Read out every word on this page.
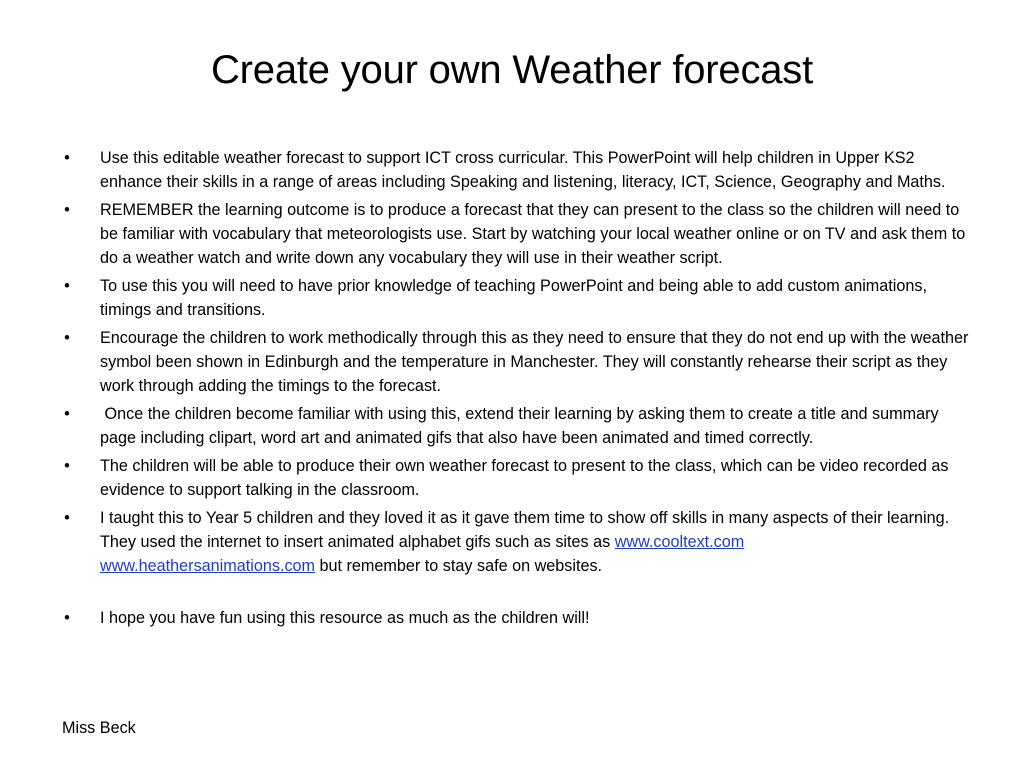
Create your own Weather forecast
• Use this editable weather forecast to support ICT cross curricular. This PowerPoint will help children in Upper KS2 enhance their skills in a range of areas including Speaking and listening, literacy, ICT, Science, Geography and Maths.
• REMEMBER the learning outcome is to produce a forecast that they can present to the class so the children will need to be familiar with vocabulary that meteorologists use. Start by watching your local weather online or on TV and ask them to do a weather watch and write down any vocabulary they will use in their weather script.
• To use this you will need to have prior knowledge of teaching PowerPoint and being able to add custom animations, timings and transitions.
• Encourage the children to work methodically through this as they need to ensure that they do not end up with the weather symbol been shown in Edinburgh and the temperature in Manchester. They will constantly rehearse their script as they work through adding the timings to the forecast.
• Once the children become familiar with using this, extend their learning by asking them to create a title and summary page including clipart, word art and animated gifs that also have been animated and timed correctly.
• The children will be able to produce their own weather forecast to present to the class, which can be video recorded as evidence to support talking in the classroom.
• I taught this to Year 5 children and they loved it as it gave them time to show off skills in many aspects of their learning. They used the internet to insert animated alphabet gifs such as sites as www.cooltext.com
www.heathersanimations.com but remember to stay safe on websites.
• I hope you have fun using this resource as much as the children will!
Miss Beck
